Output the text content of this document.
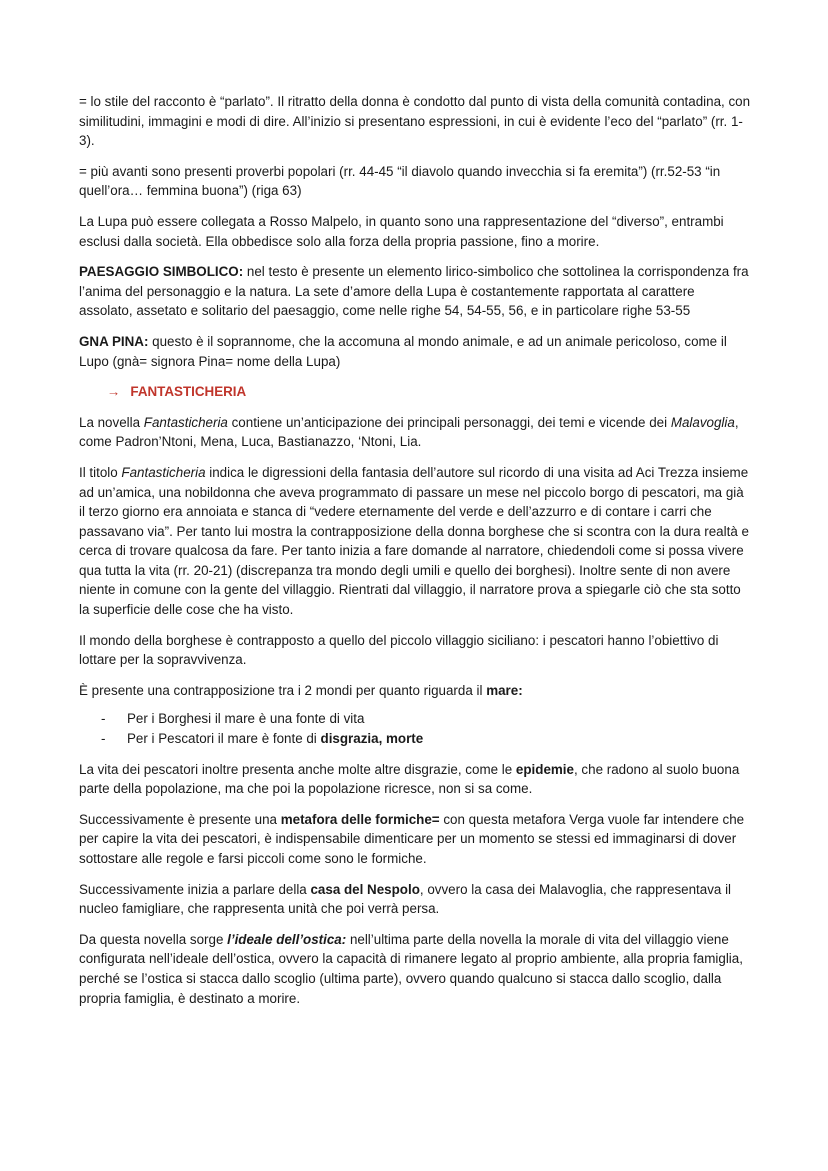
= lo stile del racconto è “parlato”. Il ritratto della donna è condotto dal punto di vista della comunità contadina, con similitudini, immagini e modi di dire. All’inizio si presentano espressioni, in cui è evidente l’eco del “parlato” (rr. 1-3).

= più avanti sono presenti proverbi popolari (rr. 44-45 “il diavolo quando invecchia si fa eremita”) (rr.52-53 “in quell’ora… femmina buona”) (riga 63)

La Lupa può essere collegata a Rosso Malpelo, in quanto sono una rappresentazione del “diverso”, entrambi esclusi dalla società. Ella obbedisce solo alla forza della propria passione, fino a morire.

PAESAGGIO SIMBOLICO: nel testo è presente un elemento lirico-simbolico che sottolinea la corrispondenza fra l’anima del personaggio e la natura. La sete d’amore della Lupa è costantemente rapportata al carattere assolato, assetato e solitario del paesaggio, come nelle righe 54, 54-55, 56, e in particolare righe 53-55

GNA PINA: questo è il soprannome, che la accomuna al mondo animale, e ad un animale pericoloso, come il Lupo (gnà= signora Pina= nome della Lupa)

→ FANTASTICHERIA

La novella Fantasticheria contiene un’anticipazione dei principali personaggi, dei temi e vicende dei Malavoglia, come Padron’Ntoni, Mena, Luca, Bastianazzo, ‘Ntoni, Lia.

Il titolo Fantasticheria indica le digressioni della fantasia dell’autore sul ricordo di una visita ad Aci Trezza insieme ad un’amica, una nobildonna che aveva programmato di passare un mese nel piccolo borgo di pescatori, ma già il terzo giorno era annoiata e stanca di “vedere eternamente del verde e dell’azzurro e di contare i carri che passavano via”. Per tanto lui mostra la contrapposizione della donna borghese che si scontra con la dura realtà e cerca di trovare qualcosa da fare. Per tanto inizia a fare domande al narratore, chiedendoli come si possa vivere qua tutta la vita (rr. 20-21) (discrepanza tra mondo degli umili e quello dei borghesi). Inoltre sente di non avere niente in comune con la gente del villaggio. Rientrati dal villaggio, il narratore prova a spiegarle ciò che sta sotto la superficie delle cose che ha visto.

Il mondo della borghese è contrapposto a quello del piccolo villaggio siciliano: i pescatori hanno l’obiettivo di lottare per la sopravvivenza.

È presente una contrapposizione tra i 2 mondi per quanto riguarda il mare:

- Per i Borghesi il mare è una fonte di vita
- Per i Pescatori il mare è fonte di disgrazia, morte

La vita dei pescatori inoltre presenta anche molte altre disgrazie, come le epidemie, che radono al suolo buona parte della popolazione, ma che poi la popolazione ricresce, non si sa come.

Successivamente è presente una metafora delle formiche= con questa metafora Verga vuole far intendere che per capire la vita dei pescatori, è indispensabile dimenticare per un momento se stessi ed immaginarsi di dover sottostare alle regole e farsi piccoli come sono le formiche.

Successivamente inizia a parlare della casa del Nespolo, ovvero la casa dei Malavoglia, che rappresentava il nucleo famigliare, che rappresenta unità che poi verrà persa.

Da questa novella sorge l’ideale dell’ostica: nell’ultima parte della novella la morale di vita del villaggio viene configurata nell’ideale dell’ostica, ovvero la capacità di rimanere legato al proprio ambiente, alla propria famiglia, perché se l’ostica si stacca dallo scoglio (ultima parte), ovvero quando qualcuno si stacca dallo scoglio, dalla propria famiglia, è destinato a morire.
